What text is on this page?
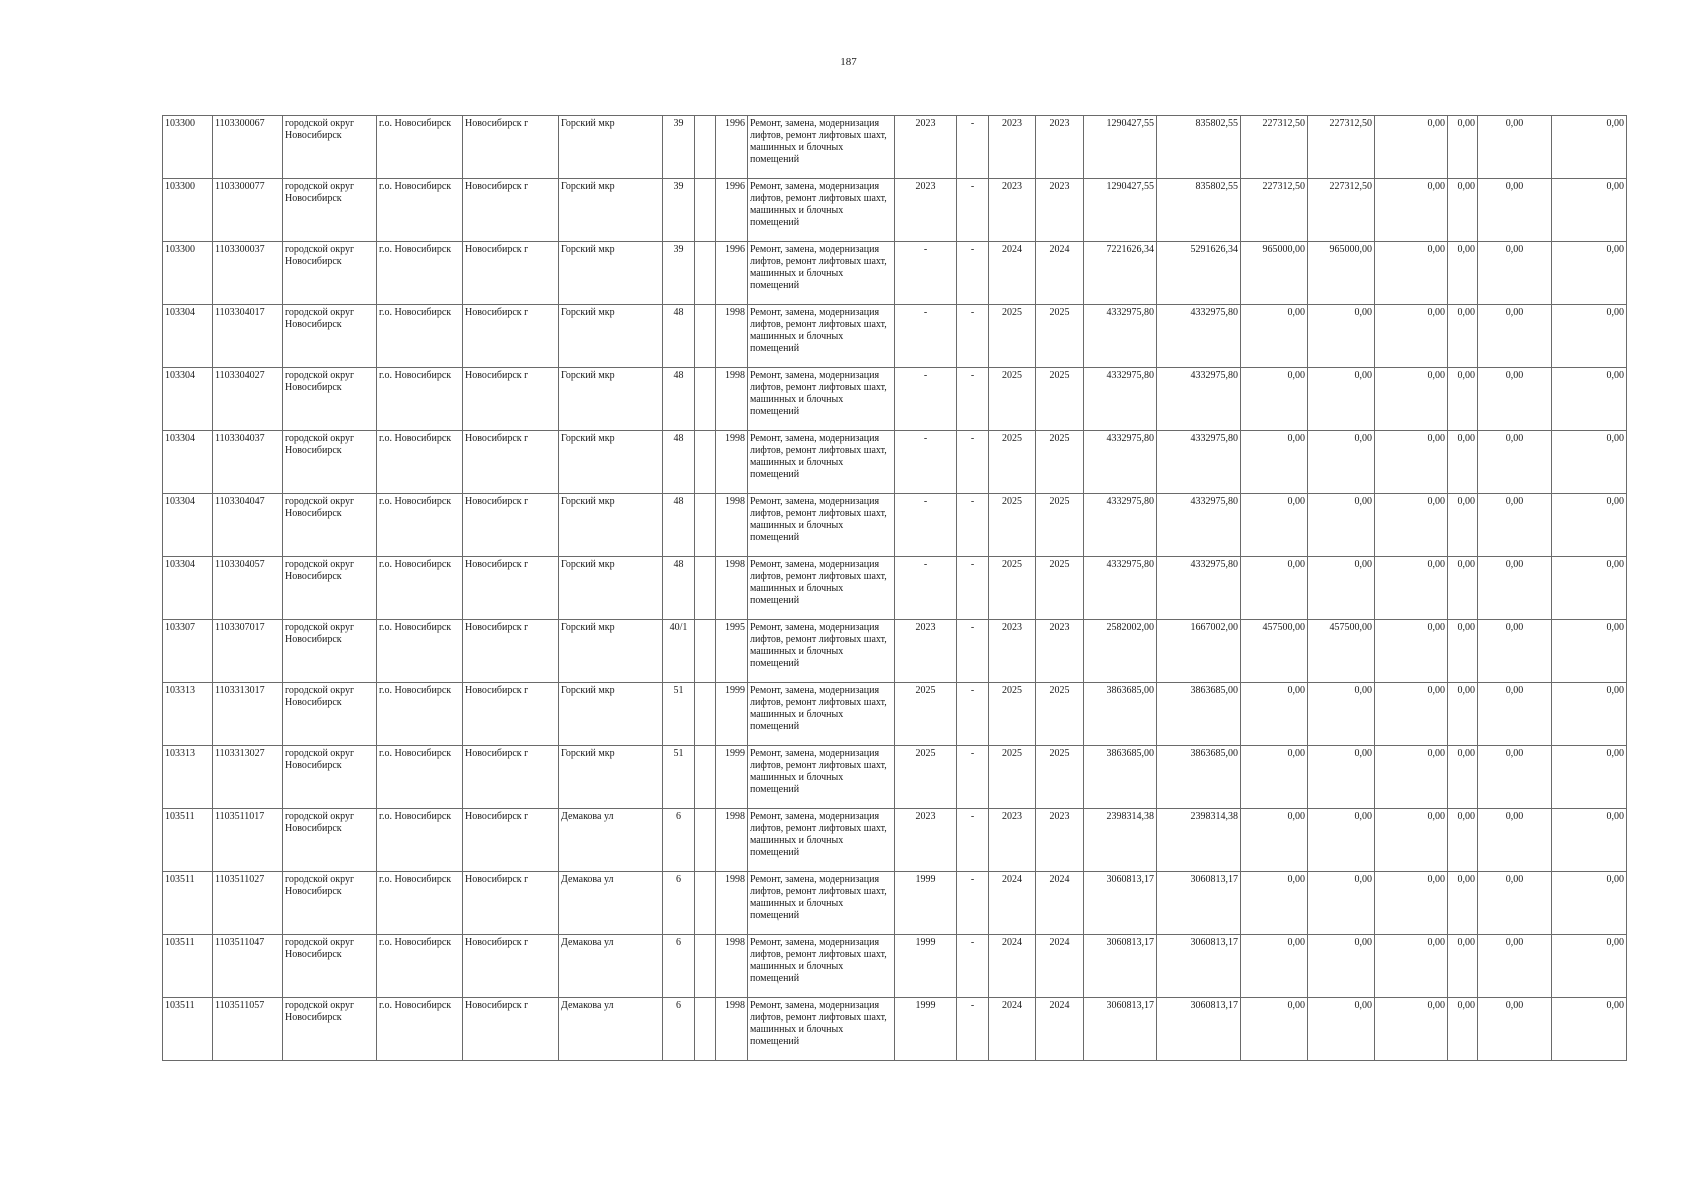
187
103300	1103300067	городской округ Новосибирск	г.о. Новосибирск	Новосибирск г	Горский мкр	39		1996	Ремонт, замена, модернизация лифтов, ремонт лифтовых шахт, машинных и блочных помещений	2023	-	2023	2023	1290427,55	835802,55	227312,50	227312,50	0,00	0,00	0,00	0,00
103300	1103300077	городской округ Новосибирск	г.о. Новосибирск	Новосибирск г	Горский мкр	39		1996	Ремонт, замена, модернизация лифтов, ремонт лифтовых шахт, машинных и блочных помещений	2023	-	2023	2023	1290427,55	835802,55	227312,50	227312,50	0,00	0,00	0,00	0,00
103300	1103300037	городской округ Новосибирск	г.о. Новосибирск	Новосибирск г	Горский мкр	39		1996	Ремонт, замена, модернизация лифтов, ремонт лифтовых шахт, машинных и блочных помещений	-	-	2024	2024	7221626,34	5291626,34	965000,00	965000,00	0,00	0,00	0,00	0,00
103304	1103304017	городской округ Новосибирск	г.о. Новосибирск	Новосибирск г	Горский мкр	48		1998	Ремонт, замена, модернизация лифтов, ремонт лифтовых шахт, машинных и блочных помещений	-	-	2025	2025	4332975,80	4332975,80	0,00	0,00	0,00	0,00	0,00	0,00
103304	1103304027	городской округ Новосибирск	г.о. Новосибирск	Новосибирск г	Горский мкр	48		1998	Ремонт, замена, модернизация лифтов, ремонт лифтовых шахт, машинных и блочных помещений	-	-	2025	2025	4332975,80	4332975,80	0,00	0,00	0,00	0,00	0,00	0,00
103304	1103304037	городской округ Новосибирск	г.о. Новосибирск	Новосибирск г	Горский мкр	48		1998	Ремонт, замена, модернизация лифтов, ремонт лифтовых шахт, машинных и блочных помещений	-	-	2025	2025	4332975,80	4332975,80	0,00	0,00	0,00	0,00	0,00	0,00
103304	1103304047	городской округ Новосибирск	г.о. Новосибирск	Новосибирск г	Горский мкр	48		1998	Ремонт, замена, модернизация лифтов, ремонт лифтовых шахт, машинных и блочных помещений	-	-	2025	2025	4332975,80	4332975,80	0,00	0,00	0,00	0,00	0,00	0,00
103304	1103304057	городской округ Новосибирск	г.о. Новосибирск	Новосибирск г	Горский мкр	48		1998	Ремонт, замена, модернизация лифтов, ремонт лифтовых шахт, машинных и блочных помещений	-	-	2025	2025	4332975,80	4332975,80	0,00	0,00	0,00	0,00	0,00	0,00
103307	1103307017	городской округ Новосибирск	г.о. Новосибирск	Новосибирск г	Горский мкр	40/1		1995	Ремонт, замена, модернизация лифтов, ремонт лифтовых шахт, машинных и блочных помещений	2023	-	2023	2023	2582002,00	1667002,00	457500,00	457500,00	0,00	0,00	0,00	0,00
103313	1103313017	городской округ Новосибирск	г.о. Новосибирск	Новосибирск г	Горский мкр	51		1999	Ремонт, замена, модернизация лифтов, ремонт лифтовых шахт, машинных и блочных помещений	2025	-	2025	2025	3863685,00	3863685,00	0,00	0,00	0,00	0,00	0,00	0,00
103313	1103313027	городской округ Новосибирск	г.о. Новосибирск	Новосибирск г	Горский мкр	51		1999	Ремонт, замена, модернизация лифтов, ремонт лифтовых шахт, машинных и блочных помещений	2025	-	2025	2025	3863685,00	3863685,00	0,00	0,00	0,00	0,00	0,00	0,00
103511	1103511017	городской округ Новосибирск	г.о. Новосибирск	Новосибирск г	Демакова ул	6		1998	Ремонт, замена, модернизация лифтов, ремонт лифтовых шахт, машинных и блочных помещений	2023	-	2023	2023	2398314,38	2398314,38	0,00	0,00	0,00	0,00	0,00	0,00
103511	1103511027	городской округ Новосибирск	г.о. Новосибирск	Новосибирск г	Демакова ул	6		1998	Ремонт, замена, модернизация лифтов, ремонт лифтовых шахт, машинных и блочных помещений	1999	-	2024	2024	3060813,17	3060813,17	0,00	0,00	0,00	0,00	0,00	0,00
103511	1103511047	городской округ Новосибирск	г.о. Новосибирск	Новосибирск г	Демакова ул	6		1998	Ремонт, замена, модернизация лифтов, ремонт лифтовых шахт, машинных и блочных помещений	1999	-	2024	2024	3060813,17	3060813,17	0,00	0,00	0,00	0,00	0,00	0,00
103511	1103511057	городской округ Новосибирск	г.о. Новосибирск	Новосибирск г	Демакова ул	6		1998	Ремонт, замена, модернизация лифтов, ремонт лифтовых шахт, машинных и блочных помещений	1999	-	2024	2024	3060813,17	3060813,17	0,00	0,00	0,00	0,00	0,00	0,00
